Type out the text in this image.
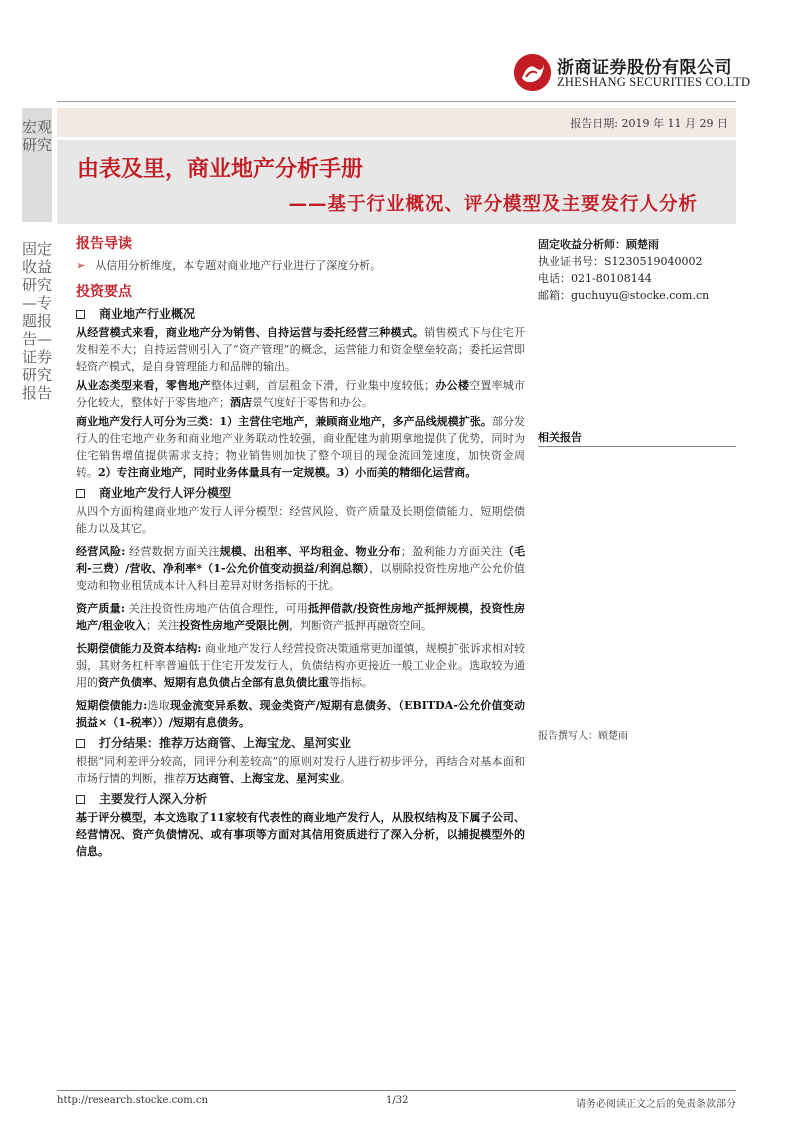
浙商证券股份有限公司
ZHESHANG SECURITIES CO.LTD
报告日期: 2019 年 11 月 29 日
宏观研究
固定收益研究—专题报告—证券研究报告
由表及里，商业地产分析手册
——基于行业概况、评分模型及主要发行人分析
报告导读
➢ 从信用分析维度，本专题对商业地产行业进行了深度分析。
投资要点
商业地产行业概况
从经营模式来看，商业地产分为销售、自持运营与委托经营三种模式。销售模式下与住宅开发相差不大；自持运营则引入了“资产管理”的概念，运营能力和资金壁垒较高；委托运营即轻资产模式，是自身管理能力和品牌的输出。
从业态类型来看，零售地产整体过剩，首层租金下滑，行业集中度较低；办公楼空置率城市分化较大，整体好于零售地产；酒店景气度好于零售和办公。
商业地产发行人可分为三类：1）主营住宅地产，兼顾商业地产，多产品线规模扩张。部分发行人的住宅地产业务和商业地产业务联动性较强，商业配建为前期拿地提供了优势，同时为住宅销售增值提供需求支持；物业销售则加快了整个项目的现金流回笼速度，加快资金周转。2）专注商业地产，同时业务体量具有一定规模。3）小而美的精细化运营商。
商业地产发行人评分模型
从四个方面构建商业地产发行人评分模型：经营风险、资产质量及长期偿债能力、短期偿债能力以及其它。
经营风险: 经营数据方面关注规模、出租率、平均租金、物业分布；盈利能力方面关注（毛利-三费）/营收、净利率*（1-公允价值变动损益/利润总额），以剔除投资性房地产公允价值变动和物业租赁成本计入科目差异对财务指标的干扰。
资产质量: 关注投资性房地产估值合理性，可用抵押借款/投资性房地产抵押规模，投资性房地产/租金收入；关注投资性房地产受限比例，判断资产抵押再融资空间。
长期偿债能力及资本结构: 商业地产发行人经营投资决策通常更加谨慎，规模扩张诉求相对较弱，其财务杠杆率普遍低于住宅开发发行人，负债结构亦更接近一般工业企业。选取较为通用的资产负债率、短期有息负债占全部有息负债比重等指标。
短期偿债能力:选取现金流变异系数、现金类资产/短期有息债务、（EBITDA-公允价值变动损益×（1-税率））/短期有息债务。
打分结果：推荐万达商管、上海宝龙、星河实业
根据“同利差评分较高，同评分利差较高”的原则对发行人进行初步评分，再结合对基本面和市场行情的判断，推荐万达商管、上海宝龙、星河实业。
主要发行人深入分析
基于评分模型，本文选取了11家较有代表性的商业地产发行人，从股权结构及下属子公司、经营情况、资产负债情况、或有事项等方面对其信用资质进行了深入分析，以捕捉模型外的信息。
固定收益分析师：顾楚雨
执业证书号：S1230519040002
电话：021-80108144
邮箱：guchuyu@stocke.com.cn
相关报告
报告撰写人：顾楚雨
http://research.stocke.com.cn	1/32	请务必阅读正文之后的免责条款部分
